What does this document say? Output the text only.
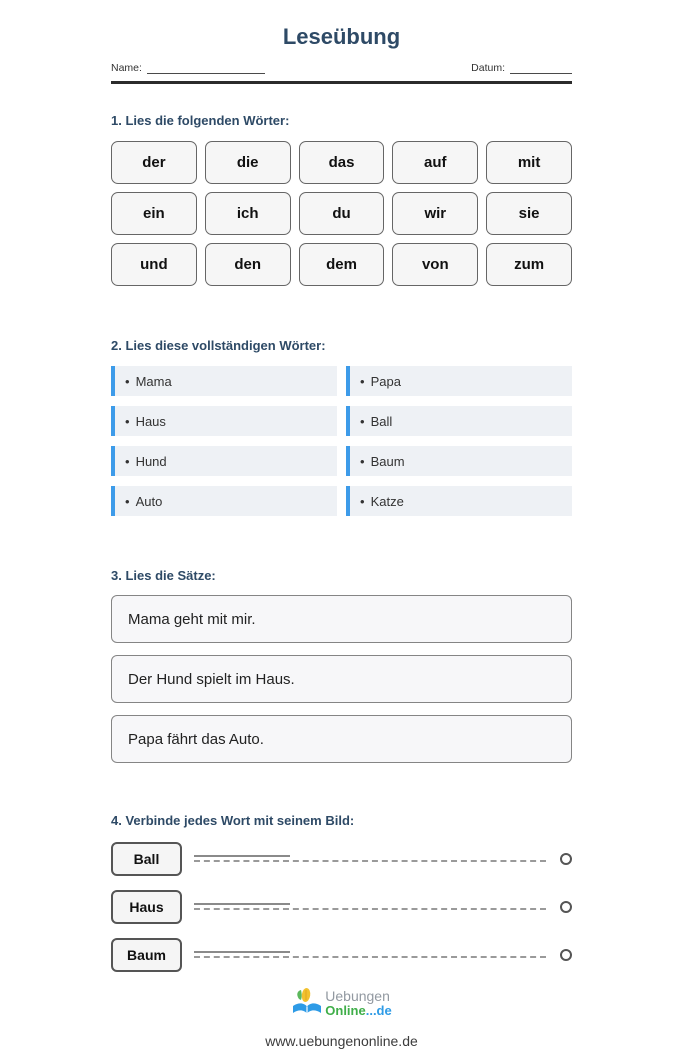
Leseübung
Name:	Datum:
1. Lies die folgenden Wörter:
der	die	das	auf	mit
ein	ich	du	wir	sie
und	den	dem	von	zum
2. Lies diese vollständigen Wörter:
• Mama	• Papa
• Haus	• Ball
• Hund	• Baum
• Auto	• Katze
3. Lies die Sätze:
Mama geht mit mir.
Der Hund spielt im Haus.
Papa fährt das Auto.
4. Verbinde jedes Wort mit seinem Bild:
Ball
Haus
Baum
Uebungen
Online...de
www.uebungenonline.de
